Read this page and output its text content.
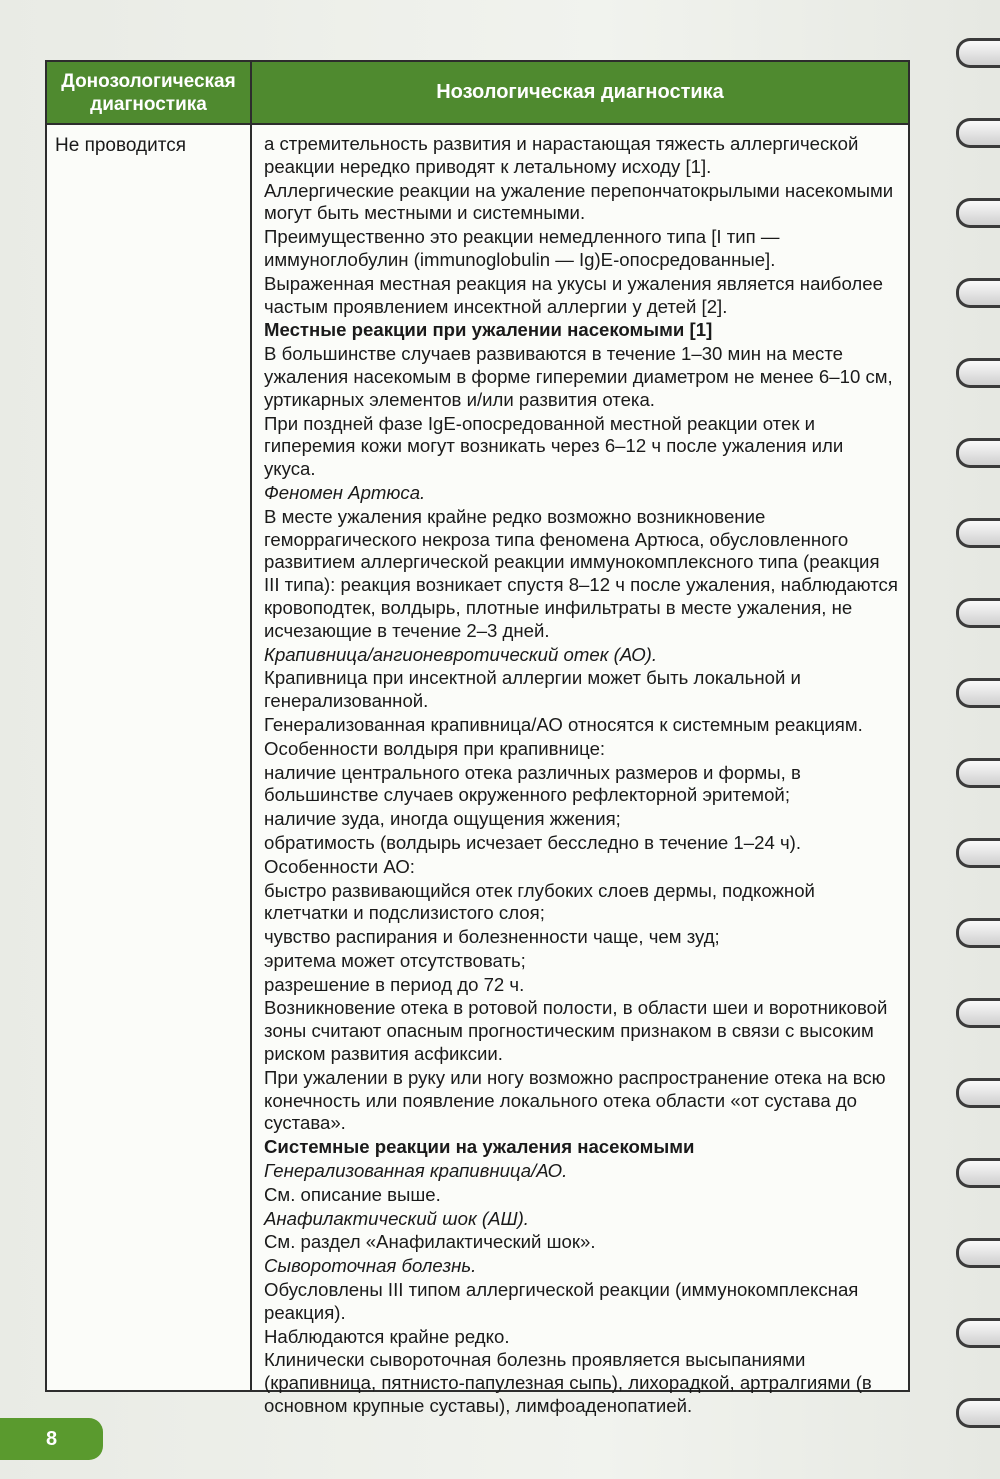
Донозологическая диагностика
Нозологическая диагностика
Не проводится	а стремительность развития и нарастающая тяжесть аллергической реакции нередко приводят к летальному исходу [1].

Аллергические реакции на ужаление перепончатокрылыми насекомыми могут быть местными и системными.

Преимущественно это реакции немедленного типа [I тип — иммуноглобулин (immunoglobulin — Ig)E-опосредованные].

Выраженная местная реакция на укусы и ужаления является наиболее частым проявлением инсектной аллергии у детей [2].

Местные реакции при ужалении насекомыми [1]

В большинстве случаев развиваются в течение 1–30 мин на месте ужаления насекомым в форме гиперемии диаметром не менее 6–10 см, уртикарных элементов и/или развития отека.

При поздней фазе IgE-опосредованной местной реакции отек и гиперемия кожи могут возникать через 6–12 ч после ужаления или укуса.

Феномен Артюса.

В месте ужаления крайне редко возможно возникновение геморрагического некроза типа феномена Артюса, обусловленного развитием аллергической реакции иммунокомплексного типа (реакция III типа): реакция возникает спустя 8–12 ч после ужаления, наблюдаются кровоподтек, волдырь, плотные инфильтраты в месте ужаления, не исчезающие в течение 2–3 дней.

Крапивница/ангионевротический отек (АО).

Крапивница при инсектной аллергии может быть локальной и генерализованной.

Генерализованная крапивница/АО относятся к системным реакциям.

Особенности волдыря при крапивнице:

наличие центрального отека различных размеров и формы, в большинстве случаев окруженного рефлекторной эритемой;

наличие зуда, иногда ощущения жжения;

обратимость (волдырь исчезает бесследно в течение 1–24 ч).

Особенности АО:

быстро развивающийся отек глубоких слоев дермы, подкожной клетчатки и подслизистого слоя;

чувство распирания и болезненности чаще, чем зуд;

эритема может отсутствовать;

разрешение в период до 72 ч.

Возникновение отека в ротовой полости, в области шеи и воротниковой зоны считают опасным прогностическим признаком в связи с высоким риском развития асфиксии.

При ужалении в руку или ногу возможно распространение отека на всю конечность или появление локального отека области «от сустава до сустава».

Системные реакции на ужаления насекомыми

Генерализованная крапивница/АО.

См. описание выше.

Анафилактический шок (АШ).

См. раздел «Анафилактический шок».

Сывороточная болезнь.

Обусловлены III типом аллергической реакции (иммунокомплексная реакция).

Наблюдаются крайне редко.

Клинически сывороточная болезнь проявляется высыпаниями (крапивница, пятнисто-папулезная сыпь), лихорадкой, артралгиями (в основном крупные суставы), лимфоаденопатией.

8
